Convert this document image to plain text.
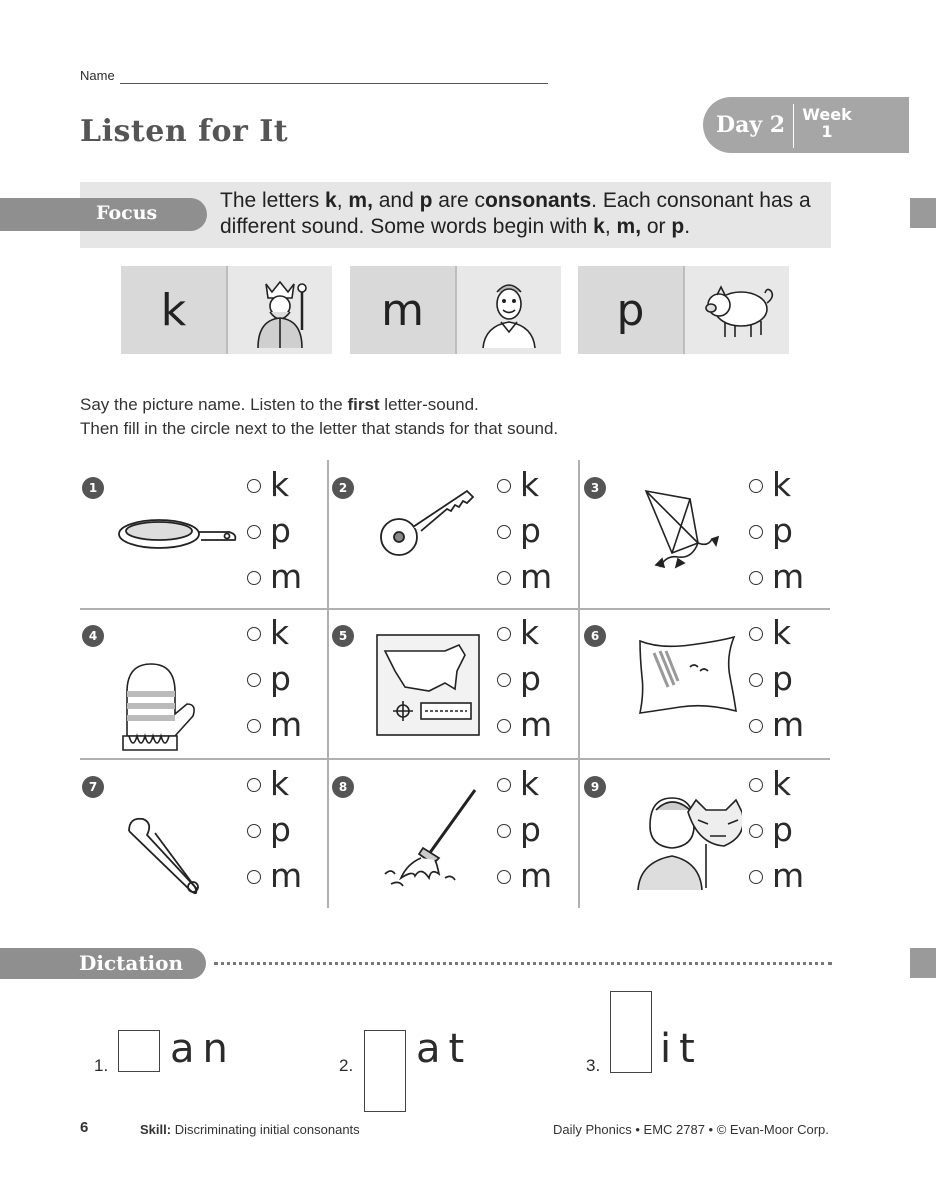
Name
Listen for It	Day 2 Week
1
Focus
The letters k, m, and p are consonants. Each consonant has a different sound. Some words begin with k, m, or p.
k	m	p
Say the picture name. Listen to the first letter-sound.
Then fill in the circle next to the letter that stands for that sound.
1	k
p
m
2	k
p
m
3	k
p
m
4	k
p
m
5	k
p
m
6	k
p
m
7	k
p
m
8	k
p
m
9	k
p
m
Dictation
1. an	2. at	3. it
6	Skill: Discriminating initial consonants	Daily Phonics • EMC 2787 • © Evan-Moor Corp.
